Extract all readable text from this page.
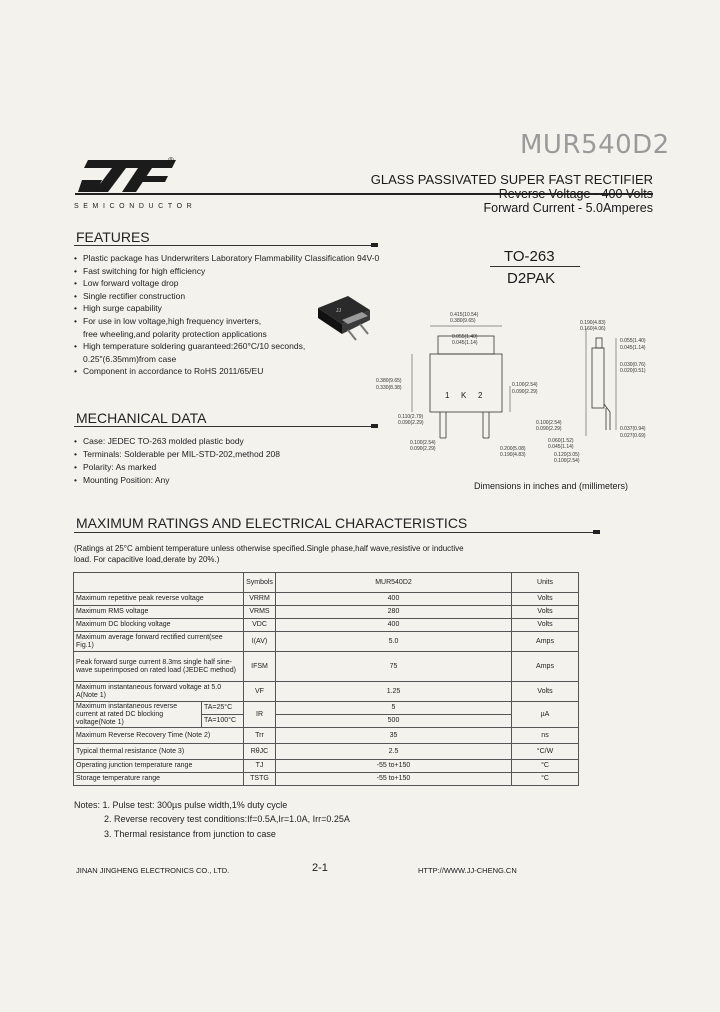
MUR540D2
®
SEMICONDUCTOR
GLASS PASSIVATED SUPER FAST RECTIFIER
Reverse Voltage - 400 Volts
Forward Current - 5.0Amperes
FEATURES
• Plastic package has Underwriters Laboratory Flammability Classification 94V-0
• Fast switching for high efficiency
• Low forward voltage drop
• Single rectifier construction
• High surge capability
• For use in low voltage,high frequency inverters,
free wheeling,and polarity protection applications
• High temperature soldering guaranteed:260°C/10 seconds,
0.25"(6.35mm)from case
• Component in accordance to RoHS 2011/65/EU
TO-263
D2PAK
JJ
1 K 2
0.415(10.54)
0.380(9.65)
0.055(1.40)
0.045(1.14)
0.380(9.65)
0.330(8.38)	0.100(2.54)
0.090(2.29)
0.190(4.83)
0.160(4.06)
0.055(1.40)
0.045(1.14)
0.030(0.76)
0.020(0.51)
0.110(2.79)
0.090(2.29)
0.100(2.54)
0.090(2.29)	0.200(5.08)
0.190(4.83)
0.100(2.54)
0.090(2.29)	0.037(0.94)
0.027(0.69)
0.060(1.52)
0.045(1.14)
0.120(3.05)
0.100(2.54)
Dimensions in inches and (millimeters)
MECHANICAL DATA
• Case: JEDEC TO-263 molded plastic body
• Terminals: Solderable per MIL-STD-202,method 208
• Polarity: As marked
• Mounting Position: Any
MAXIMUM RATINGS AND ELECTRICAL CHARACTERISTICS
(Ratings at 25°C ambient temperature unless otherwise specified.Single phase,half wave,resistive or inductive
load. For capacitive load,derate by 20%.)
		Symbols	MUR540D2	Units
Maximum repetitive peak reverse voltage		VRRM	400	Volts
Maximum RMS voltage		VRMS	280	Volts
Maximum DC blocking voltage		VDC	400	Volts
Maximum average forward rectified current(see Fig.1)		I(AV)	5.0	Amps
Peak forward surge current 8.3ms single half sine-wave superimposed on rated load (JEDEC method)		IFSM	75	Amps
Maximum instantaneous forward voltage at 5.0 A(Note 1)		VF	1.25	Volts
Maximum instantaneous reverse current at rated DC blocking voltage(Note 1)	TA=25°C	IR	5	µA
	TA=100°C		500	
Maximum Reverse Recovery Time (Note 2)		Trr	35	ns
Typical thermal resistance (Note 3)		RθJC	2.5	°C/W
Operating junction temperature range		TJ	-55 to+150	°C
Storage temperature range		TSTG	-55 to+150	°C
Notes: 1. Pulse test: 300µs pulse width,1% duty cycle
2. Reverse recovery test conditions:If=0.5A,Ir=1.0A, Irr=0.25A
3. Thermal resistance from junction to case
JINAN JINGHENG ELECTRONICS CO., LTD.	2-1	HTTP://WWW.JJ-CHENG.CN
